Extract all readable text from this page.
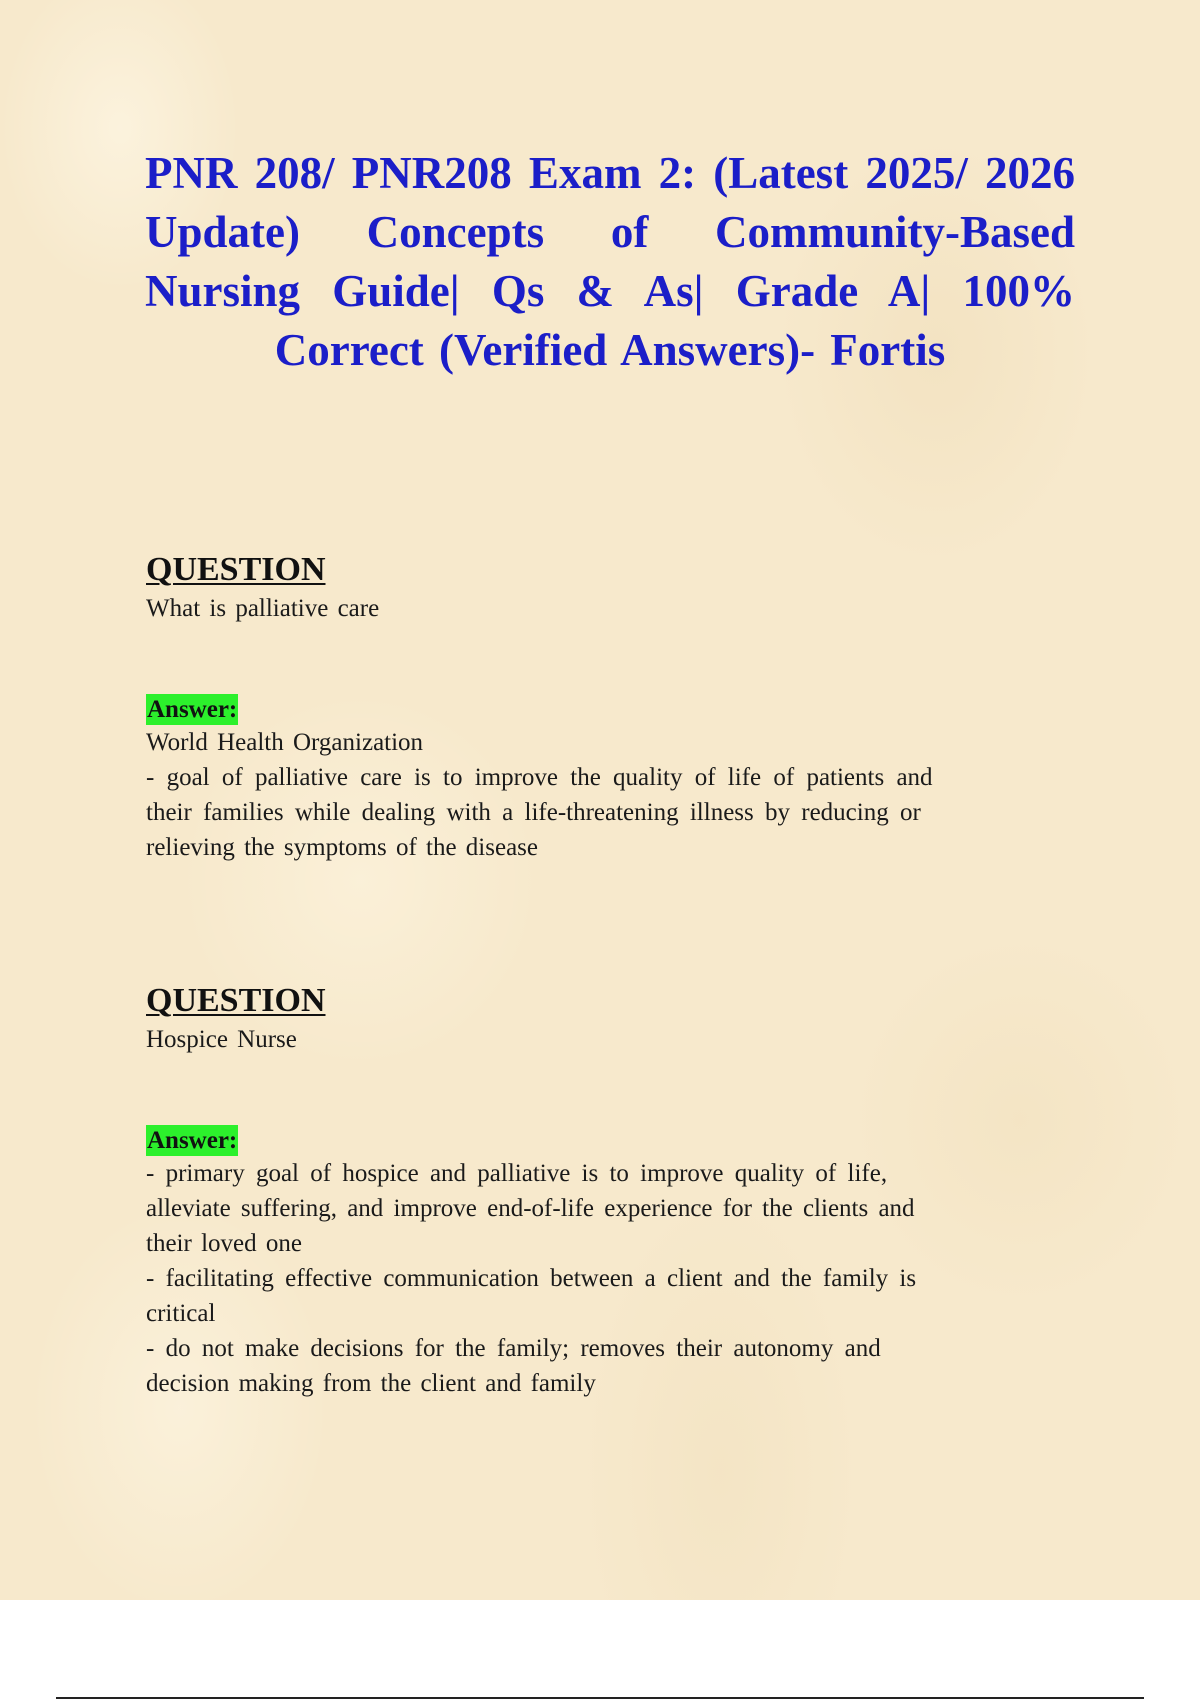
PNR 208/ PNR208 Exam 2: (Latest 2025/ 2026 Update) Concepts of Community-Based Nursing Guide| Qs & As| Grade A| 100% Correct (Verified Answers)- Fortis
QUESTION
What is palliative care
Answer:
World Health Organization
- goal of palliative care is to improve the quality of life of patients and
their families while dealing with a life-threatening illness by reducing or
relieving the symptoms of the disease
QUESTION
Hospice Nurse
Answer:
- primary goal of hospice and palliative is to improve quality of life,
alleviate suffering, and improve end-of-life experience for the clients and
their loved one
- facilitating effective communication between a client and the family is
critical
- do not make decisions for the family; removes their autonomy and
decision making from the client and family
